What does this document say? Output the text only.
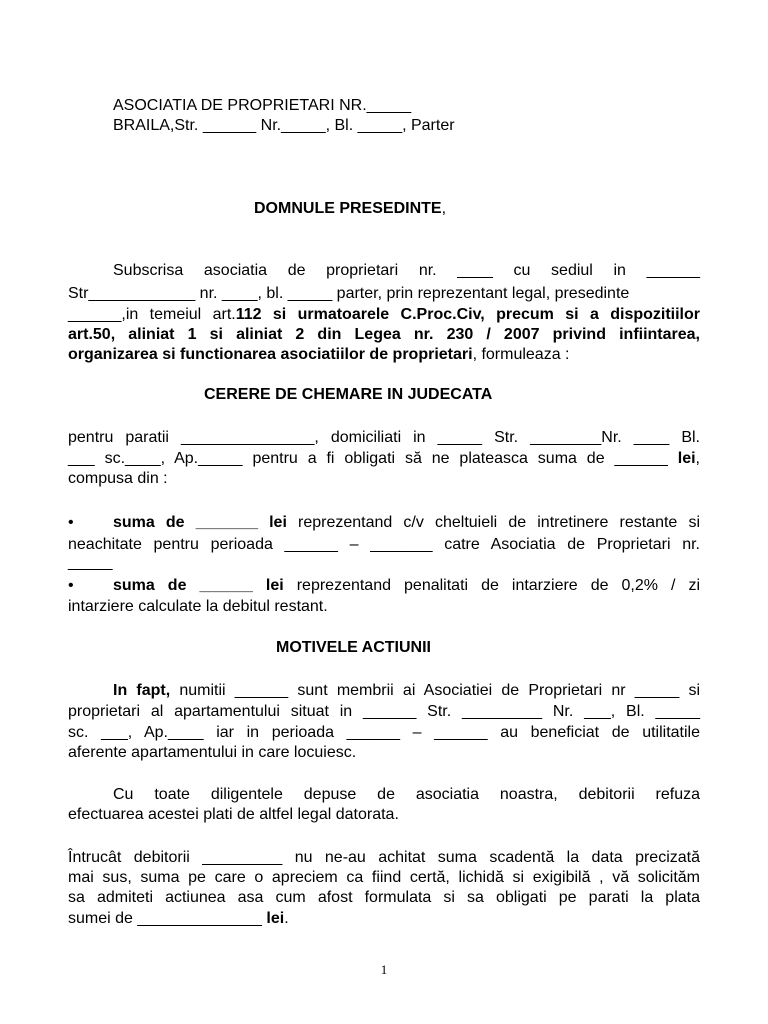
ASOCIATIA DE PROPRIETARI NR._____
BRAILA,Str. ______ Nr._____, Bl. _____, Parter
DOMNULE PRESEDINTE,
Subscrisa asociatia de proprietari nr. ____ cu sediul in ______
Str____________ nr. ____, bl. _____ parter, prin reprezentant legal, presedinte
______,in temeiul art.112 si urmatoarele C.Proc.Civ, precum si a dispozitiilor
art.50, aliniat 1 si aliniat 2 din Legea nr. 230 / 2007 privind infiintarea,
organizarea si functionarea asociatiilor de proprietari, formuleaza :
CERERE DE CHEMARE IN JUDECATA
pentru paratii _______________, domiciliati in _____ Str. ________Nr. ____ Bl.
___ sc.____, Ap._____ pentru a fi obligati să ne plateasca suma de ______ lei,
compusa din :
• suma de _______ lei reprezentand c/v cheltuieli de intretinere restante si
neachitate pentru perioada ______ – _______ catre Asociatia de Proprietari nr.
_____
• suma de ______ lei reprezentand penalitati de intarziere de 0,2% / zi
intarziere calculate la debitul restant.
MOTIVELE ACTIUNII
In fapt, numitii ______ sunt membrii ai Asociatiei de Proprietari nr _____ si
proprietari al apartamentului situat in ______ Str. _________ Nr. ___, Bl. _____
sc. ___, Ap.____ iar in perioada ______ – ______ au beneficiat de utilitatile
aferente apartamentului in care locuiesc.
Cu toate diligentele depuse de asociatia noastra, debitorii refuza
efectuarea acestei plati de altfel legal datorata.
Întrucât debitorii _________ nu ne-au achitat suma scadentă la data precizată
mai sus, suma pe care o apreciem ca fiind certă, lichidă si exigibilă , vă solicităm
sa admiteti actiunea asa cum afost formulata si sa obligati pe parati la plata
sumei de ______________ lei.
1
